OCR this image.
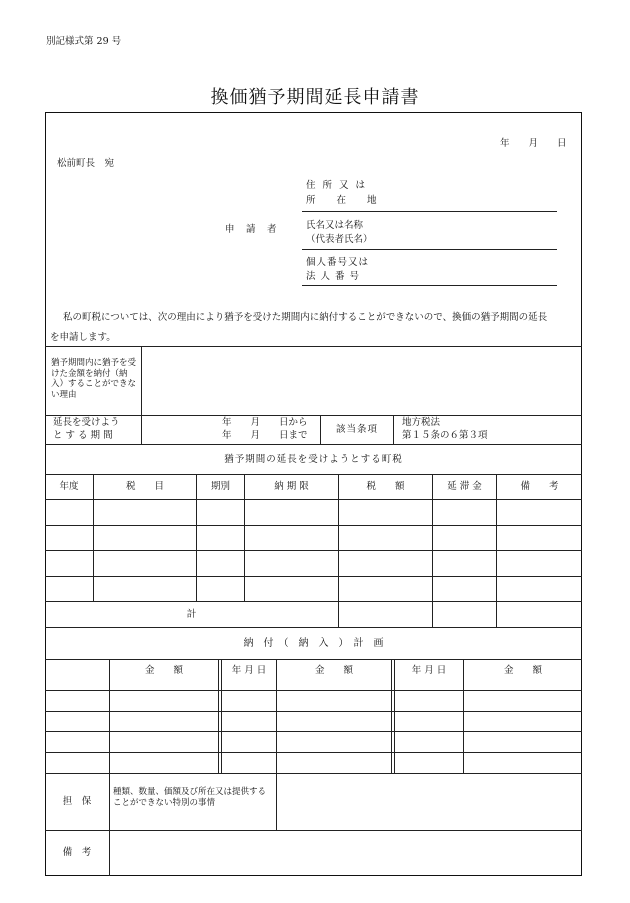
別記様式第 29 号
換価猶予期間延長申請書
年　　月　　日
松前町長　宛
申　請　者
住 所 又 は
所 在 地
氏名又は名称
（代表者氏名）
個人番号又は
法 人 番 号
私の町税については、次の理由により猶予を受けた期間内に納付することができないので、換価の猶予期間の延長
を申請します。
猶予期間内に猶予を受けた金額を納付（納入）することができない理由
延長を受けよう
と す る 期 間
年　　月　　日から
年　　月　　日まで
該当条項
地方税法
第１５条の６第３項
猶予期間の延長を受けようとする町税
年度	税　　目	期別	納 期 限	税　　額	延 滞 金	備　　考
計
納　付　（　納　入　）　計　画
金　　額	年 月 日	金　　額	年 月 日	金　　額
担　保
種類、数量、価額及び所在又は提供することができない特別の事情
備　考
